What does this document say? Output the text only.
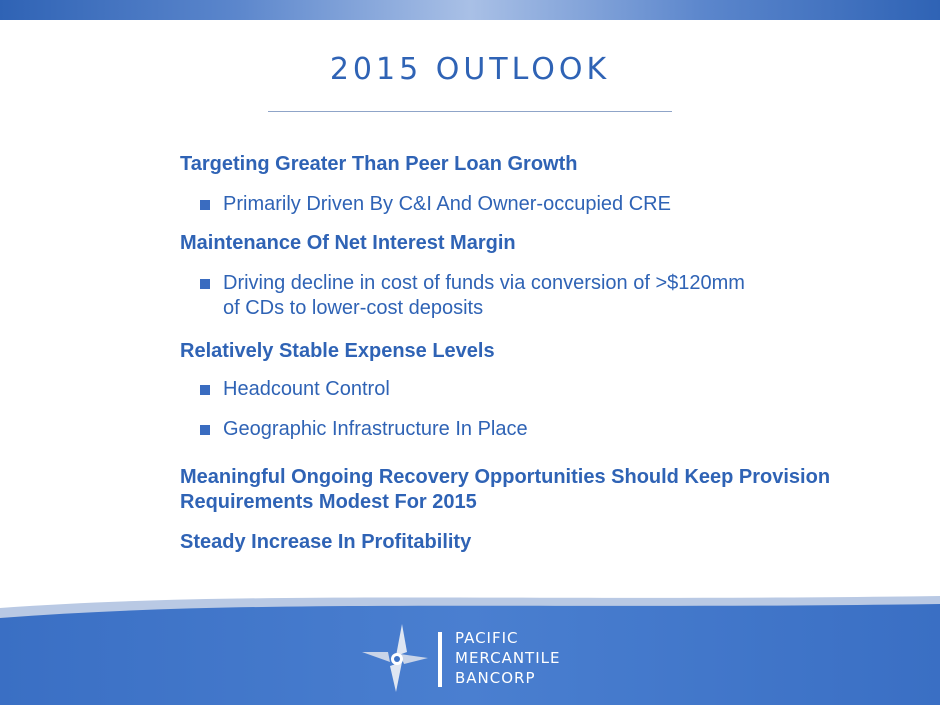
2015 OUTLOOK
Targeting Greater Than Peer Loan Growth
Primarily Driven By C&I And Owner-occupied CRE
Maintenance Of Net Interest Margin
Driving decline in cost of funds via conversion of >$120mm
of CDs to lower-cost deposits
Relatively Stable Expense Levels
Headcount Control
Geographic Infrastructure In Place
Meaningful Ongoing Recovery Opportunities Should Keep Provision
Requirements Modest For 2015
Steady Increase In Profitability
PACIFIC
MERCANTILE
BANCORP
